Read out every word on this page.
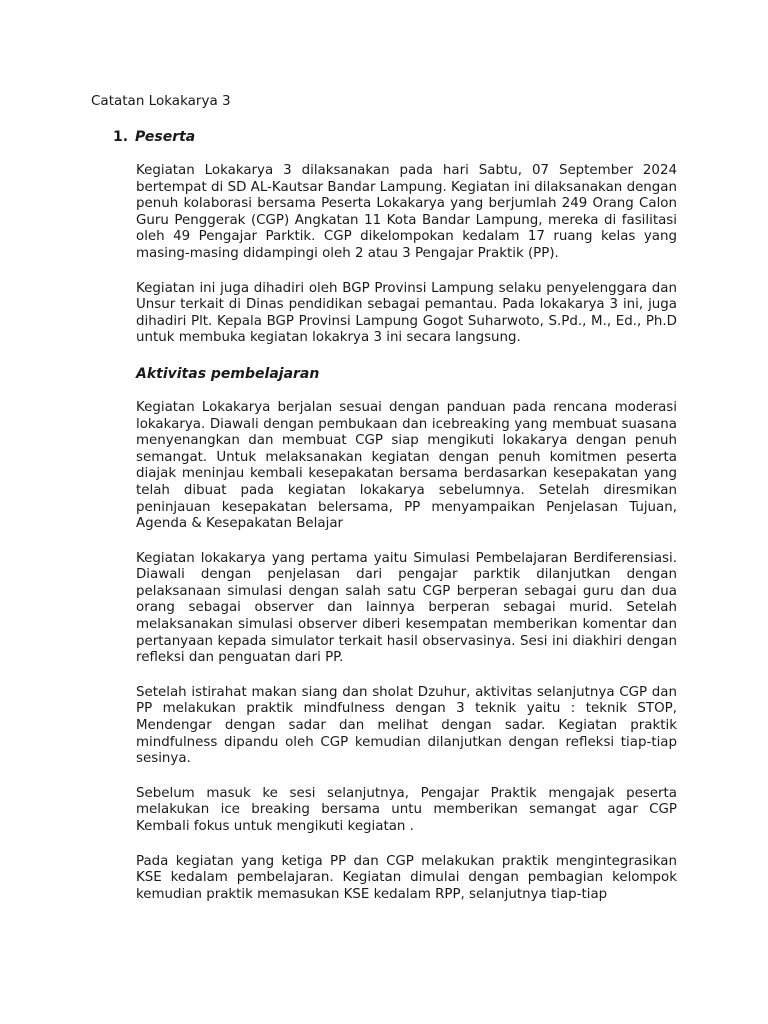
Catatan Lokakarya 3
1. Peserta

Kegiatan Lokakarya 3 dilaksanakan pada hari Sabtu, 07 September 2024 bertempat di SD AL-Kautsar Bandar Lampung. Kegiatan ini dilaksanakan dengan penuh kolaborasi bersama Peserta Lokakarya yang berjumlah 249 Orang Calon Guru Penggerak (CGP) Angkatan 11 Kota Bandar Lampung, mereka di fasilitasi oleh 49 Pengajar Parktik. CGP dikelompokan kedalam 17 ruang kelas yang masing-masing didampingi oleh 2 atau 3 Pengajar Praktik (PP).

Kegiatan ini juga dihadiri oleh BGP Provinsi Lampung selaku penyelenggara dan Unsur terkait di Dinas pendidikan sebagai pemantau. Pada lokakarya 3 ini, juga dihadiri Plt. Kepala BGP Provinsi Lampung Gogot Suharwoto, S.Pd., M., Ed., Ph.D untuk membuka kegiatan lokakrya 3 ini secara langsung.

Aktivitas pembelajaran

Kegiatan Lokakarya berjalan sesuai dengan panduan pada rencana moderasi lokakarya. Diawali dengan pembukaan dan icebreaking yang membuat suasana menyenangkan dan membuat CGP siap mengikuti lokakarya dengan penuh semangat. Untuk melaksanakan kegiatan dengan penuh komitmen peserta diajak meninjau kembali kesepakatan bersama berdasarkan kesepakatan yang telah dibuat pada kegiatan lokakarya sebelumnya. Setelah diresmikan peninjauan kesepakatan belersama, PP menyampaikan Penjelasan Tujuan, Agenda & Kesepakatan Belajar

Kegiatan lokakarya yang pertama yaitu Simulasi Pembelajaran Berdiferensiasi. Diawali dengan penjelasan dari pengajar parktik dilanjutkan dengan pelaksanaan simulasi dengan salah satu CGP berperan sebagai guru dan dua orang sebagai observer dan lainnya berperan sebagai murid. Setelah melaksanakan simulasi observer diberi kesempatan memberikan komentar dan pertanyaan kepada simulator terkait hasil observasinya. Sesi ini diakhiri dengan refleksi dan penguatan dari PP.

Setelah istirahat makan siang dan sholat Dzuhur, aktivitas selanjutnya CGP dan PP melakukan praktik mindfulness dengan 3 teknik yaitu : teknik STOP, Mendengar dengan sadar dan melihat dengan sadar. Kegiatan praktik mindfulness dipandu oleh CGP kemudian dilanjutkan dengan refleksi tiap-tiap sesinya.

Sebelum masuk ke sesi selanjutnya, Pengajar Praktik mengajak peserta melakukan ice breaking bersama untu memberikan semangat agar CGP Kembali fokus untuk mengikuti kegiatan .

Pada kegiatan yang ketiga PP dan CGP melakukan praktik mengintegrasikan KSE kedalam pembelajaran. Kegiatan dimulai dengan pembagian kelompok kemudian praktik memasukan KSE kedalam RPP, selanjutnya tiap-tiap
